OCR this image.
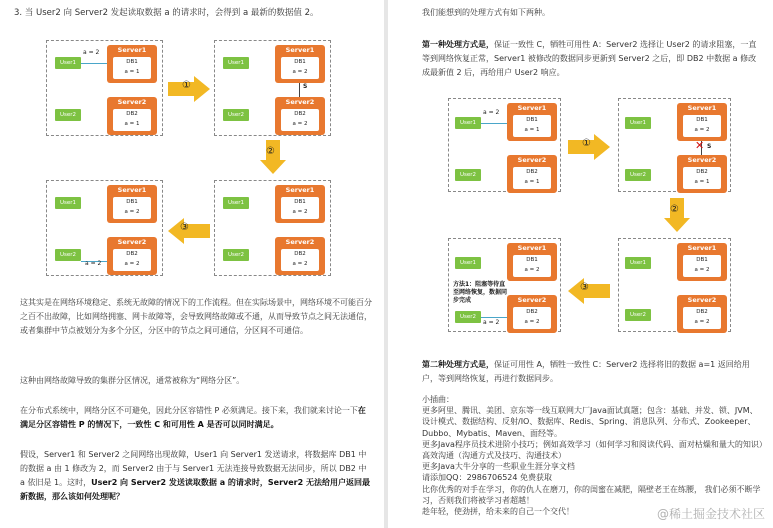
3. 当 User2 向 Server2 发起读取数据 a 的请求时，会得到 a 最新的数据值 2。
User1
User2
a = 2	Server1
DB1
a = 1
Server2
DB2
a = 1
①
User1
User2
Server1
DB1
a = 2
S
Server2
DB2
a = 2
②
User1
User2
Server1
DB1
a = 2
Server2
DB2
a = 2
③
User1
User2
a = 2
Server1
DB1
a = 2
Server2
DB2
a = 2
这其实是在网络环境稳定、系统无故障的情况下的工作流程。但在实际场景中，网络环境不可能百分之百不出故障，比如网络拥塞、网卡故障等，会导致网络故障或不通，从而导致节点之间无法通信，或者集群中节点被划分为多个分区，分区中的节点之间可通信，分区间不可通信。
这种由网络故障导致的集群分区情况，通常被称为“网络分区”。
在分布式系统中，网络分区不可避免，因此分区容错性 P 必须满足。接下来，我们就来讨论一下在满足分区容错性 P 的情况下，一致性 C 和可用性 A 是否可以同时满足。
假设，Server1 和 Server2 之间网络出现故障，User1 向 Server1 发送请求，将数据库 DB1 中的数据 a 由 1 修改为 2，而 Server2 由于与 Server1 无法连接导致数据无法同步，所以 DB2 中 a 依旧是 1。这时，User2 向 Server2 发送读取数据 a 的请求时，Server2 无法给用户返回最新数据，那么该如何处理呢？
我们能想到的处理方式有如下两种。
第一种处理方式是，保证一致性 C，牺牲可用性 A：Server2 选择让 User2 的请求阻塞，一直等到网络恢复正常，Server1 被修改的数据同步更新到 Server2 之后，即 DB2 中数据 a 修改成最新值 2 后，再给用户 User2 响应。
User1
User2
a = 2
Server1
DB1
a = 1
Server2
DB2
a = 1
①
User1
User2
Server1
DB1
a = 2
✕ S
Server2
DB2
a = 1
②
User1
User2
Server1
DB1
a = 2
Server2
DB2
a = 2
③
User1
方法1：阻塞等待直至网络恢复，数据同步完成
User2
a = 2
Server1
DB1
a = 2
Server2
DB2
a = 2
第二种处理方式是，保证可用性 A，牺牲一致性 C：Server2 选择将旧的数据 a=1 返回给用户，等到网络恢复，再进行数据同步。
小插曲：
更多阿里、腾讯、美团、京东等一线互联网大厂Java面试真题；包含：基础、并发、锁、JVM、设计模式、数据结构、反射/IO、数据库、Redis、Spring、消息队列、分布式、Zookeeper、Dubbo、Mybatis、Maven、面经等。
更多Java程序员技术进阶小技巧；例如高效学习（如何学习和阅读代码、面对枯燥和量大的知识）高效沟通（沟通方式及技巧、沟通技术）
更多Java大牛分享的一些职业生涯分享文档
请添加QQ：2986706524 免费获取
比你优秀的对手在学习，你的仇人在磨刀，你的闺蜜在减肥，隔壁老王在练腰， 我们必须不断学习，否则我们将被学习者超越！
趁年轻，使劲拼，给未来的自己一个交代！	@稀土掘金技术社区
